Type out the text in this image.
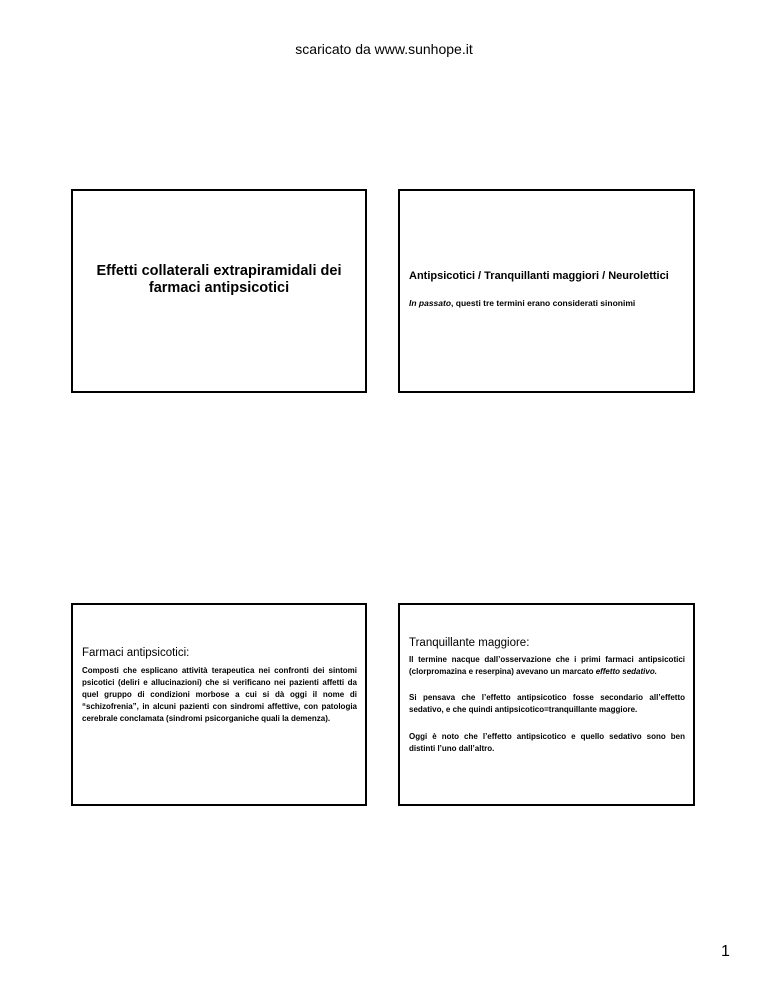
scaricato da www.sunhope.it
Effetti collaterali extrapiramidali dei farmaci antipsicotici
Antipsicotici / Tranquillanti maggiori / Neurolettici
In passato, questi tre termini erano considerati sinonimi
Farmaci antipsicotici:
Composti che esplicano attività terapeutica nei confronti dei sintomi psicotici (deliri e allucinazioni) che si verificano nei pazienti affetti da quel gruppo di condizioni morbose a cui si dà oggi il nome di “schizofrenia”, in alcuni pazienti con sindromi affettive, con patologia cerebrale conclamata (sindromi psicorganiche quali la demenza).
Tranquillante maggiore:
Il termine nacque dall’osservazione che i primi farmaci antipsicotici (clorpromazina e reserpina) avevano un marcato effetto sedativo.
Si pensava che l’effetto antipsicotico fosse secondario all’effetto sedativo, e che quindi antipsicotico=tranquillante maggiore.
Oggi è noto che l’effetto antipsicotico e quello sedativo sono ben distinti l’uno dall’altro.
1
